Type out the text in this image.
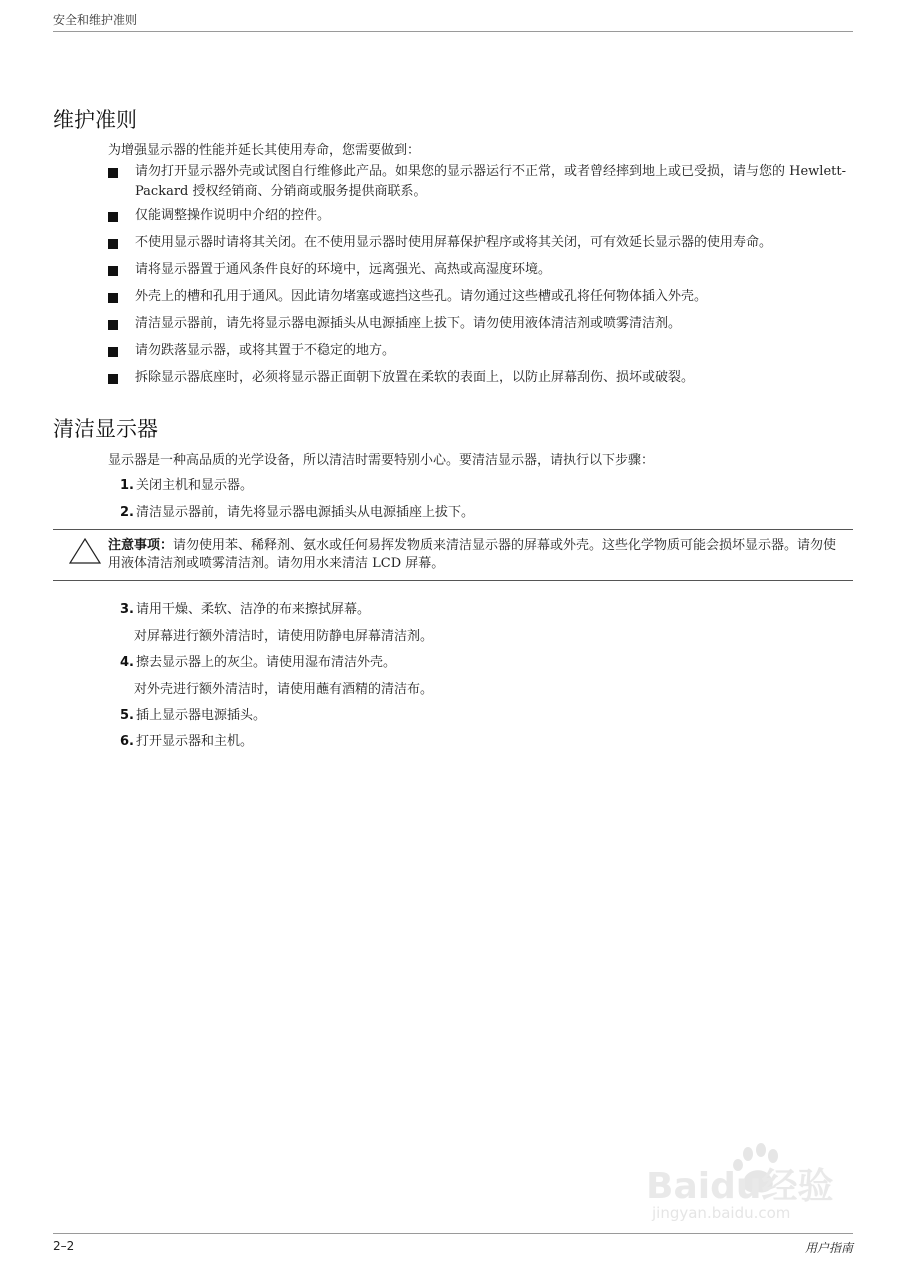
安全和维护准则
维护准则
为增强显示器的性能并延长其使用寿命，您需要做到：
请勿打开显示器外壳或试图自行维修此产品。如果您的显示器运行不正常，或者曾经摔到地上或已受损，请与您的 Hewlett-Packard 授权经销商、分销商或服务提供商联系。
仅能调整操作说明中介绍的控件。
不使用显示器时请将其关闭。在不使用显示器时使用屏幕保护程序或将其关闭，可有效延长显示器的使用寿命。
请将显示器置于通风条件良好的环境中，远离强光、高热或高湿度环境。
外壳上的槽和孔用于通风。因此请勿堵塞或遮挡这些孔。请勿通过这些槽或孔将任何物体插入外壳。
清洁显示器前，请先将显示器电源插头从电源插座上拔下。请勿使用液体清洁剂或喷雾清洁剂。
请勿跌落显示器，或将其置于不稳定的地方。
拆除显示器底座时，必须将显示器正面朝下放置在柔软的表面上，以防止屏幕刮伤、损坏或破裂。
清洁显示器
显示器是一种高品质的光学设备，所以清洁时需要特别小心。要清洁显示器，请执行以下步骤：
1. 关闭主机和显示器。
2. 清洁显示器前，请先将显示器电源插头从电源插座上拔下。
注意事项：请勿使用苯、稀释剂、氨水或任何易挥发物质来清洁显示器的屏幕或外壳。这些化学物质可能会损坏显示器。请勿使用液体清洁剂或喷雾清洁剂。请勿用水来清洁 LCD 屏幕。
3. 请用干燥、柔软、洁净的布来擦拭屏幕。
对屏幕进行额外清洁时，请使用防静电屏幕清洁剂。
4. 擦去显示器上的灰尘。请使用湿布清洁外壳。
对外壳进行额外清洁时，请使用蘸有酒精的清洁布。
5. 插上显示器电源插头。
6. 打开显示器和主机。
Baidu经验
jingyan.baidu.com
2–2	用户指南
